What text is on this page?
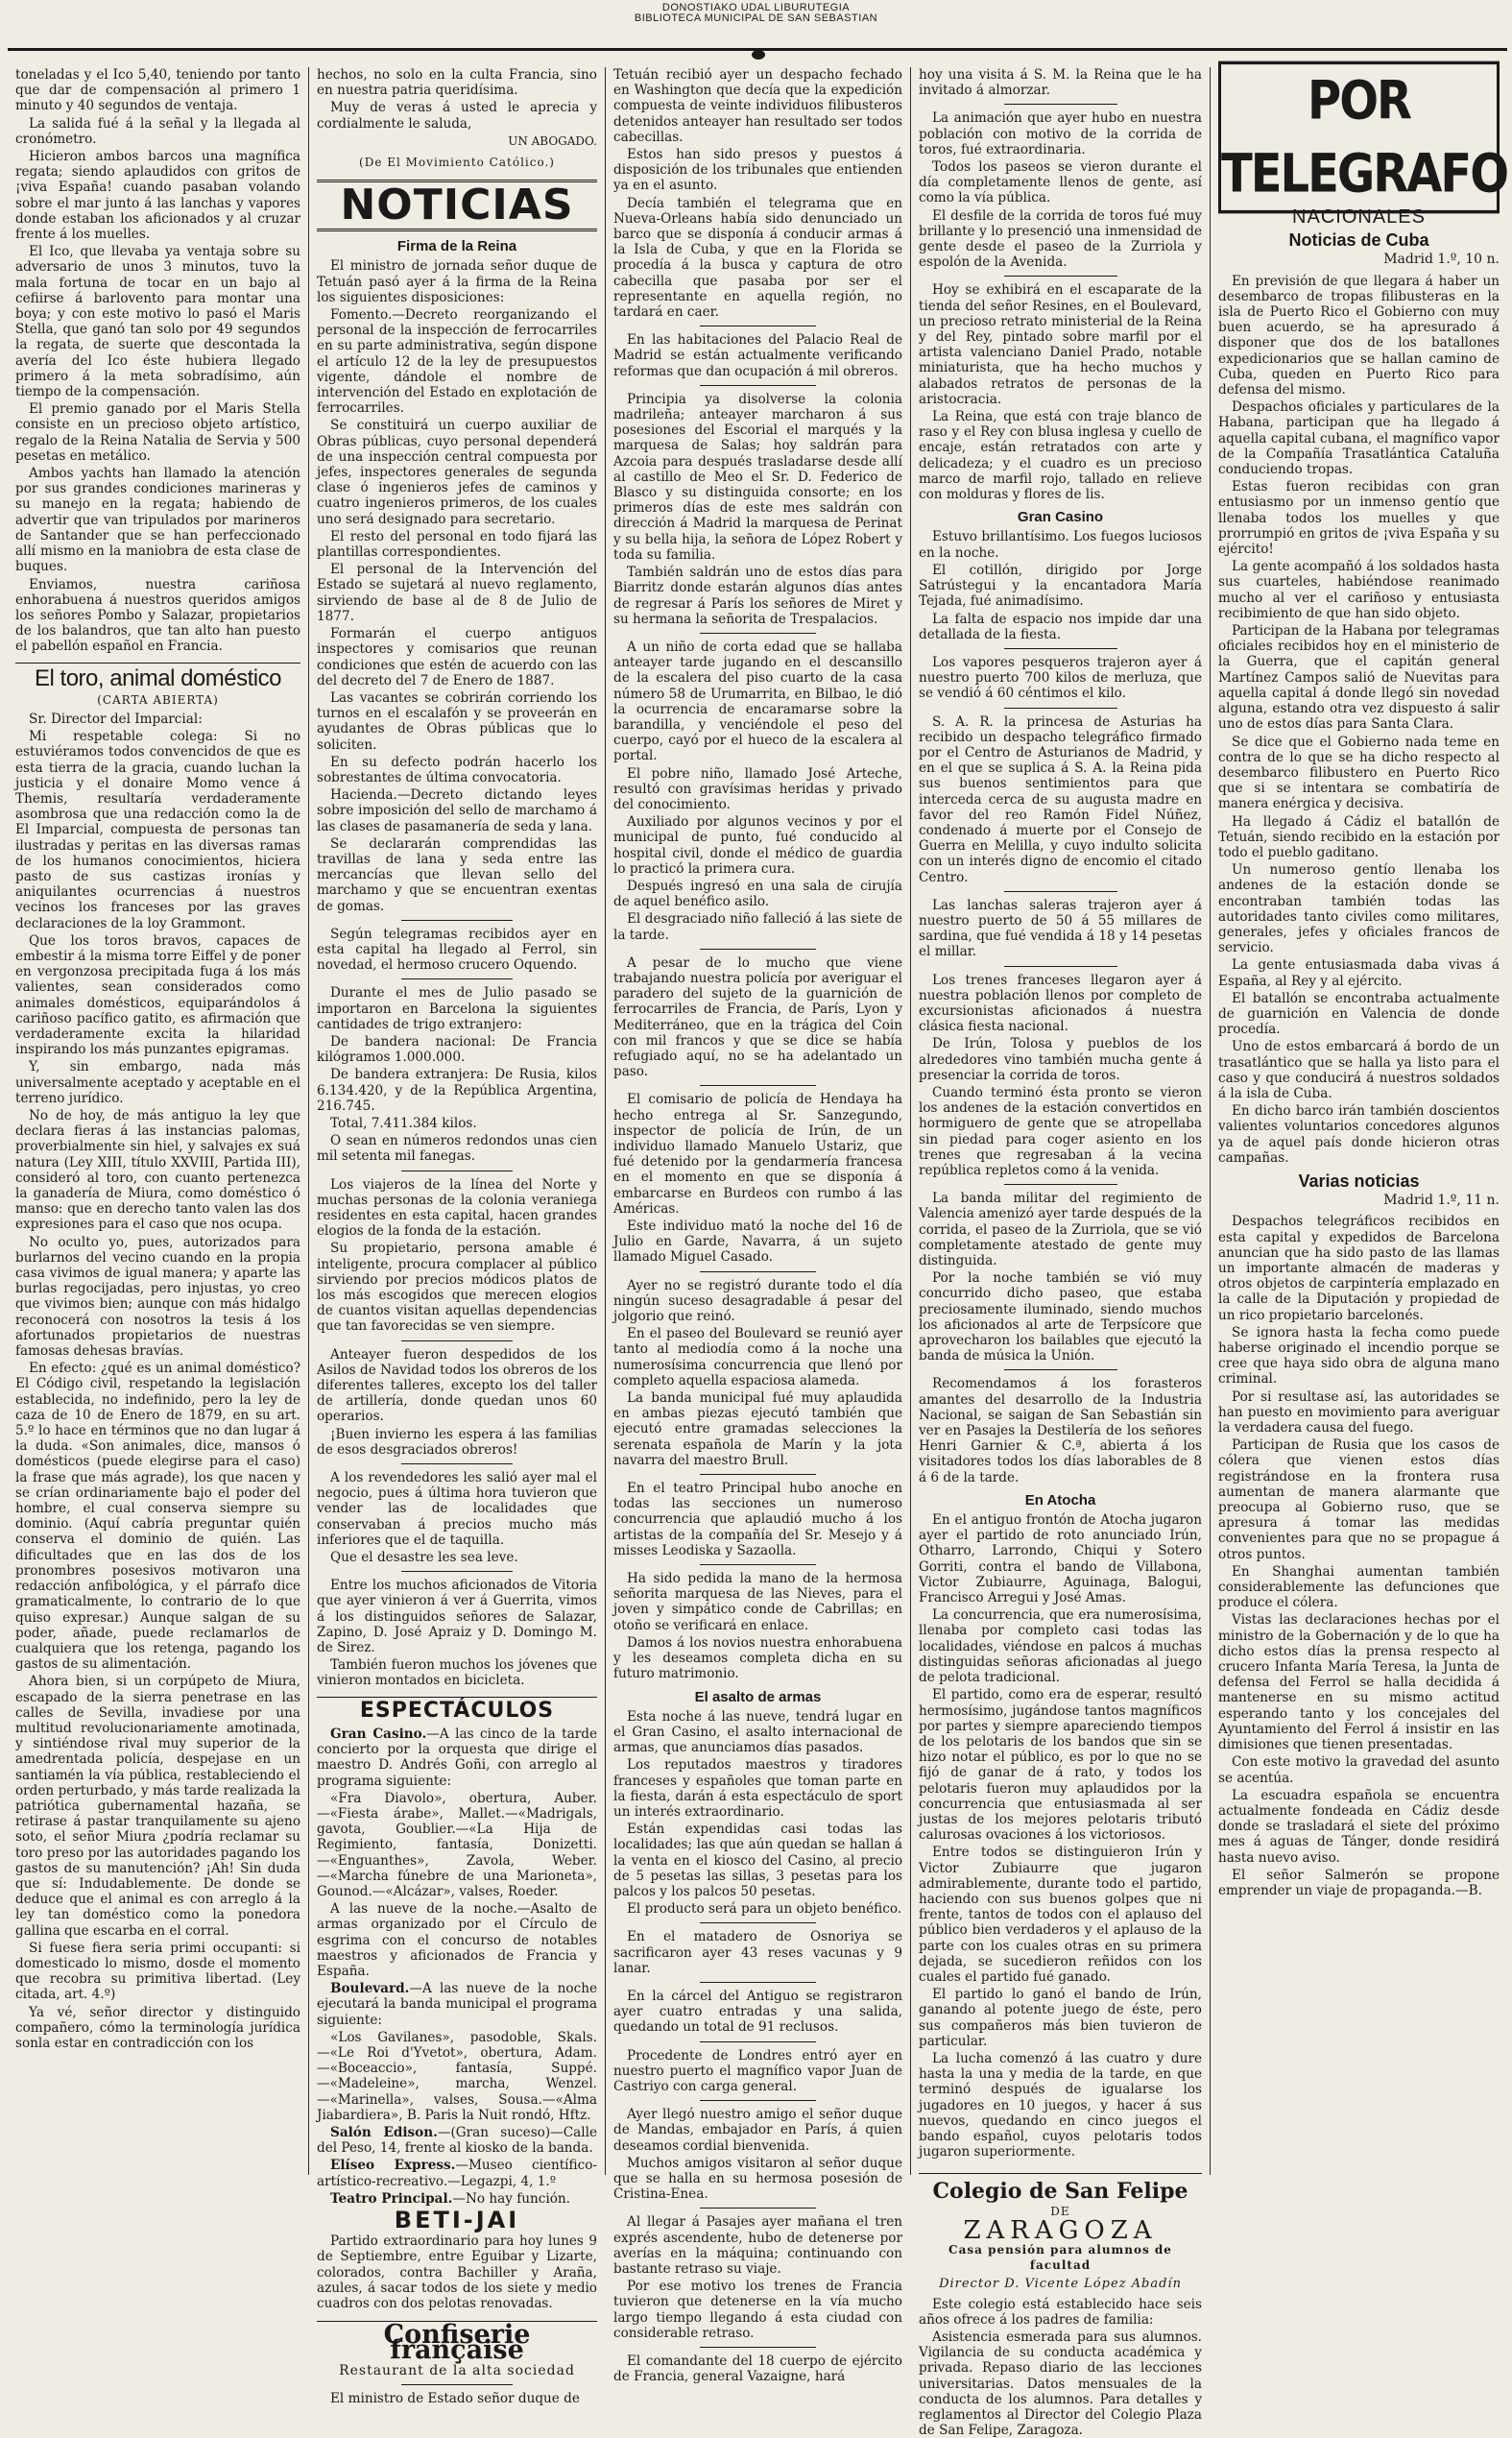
DONOSTIAKO UDAL LIBURUTEGIA
BIBLIOTECA MUNICIPAL DE SAN SEBASTIAN

toneladas y el Ico 5,40, teniendo por tanto que dar de compensación al primero 1 minuto y 40 segundos de ventaja.

La salida fué á la señal y la llegada al cronómetro.

Hicieron ambos barcos una magnífica regata; siendo aplaudidos con gritos de ¡viva España! cuando pasaban volando sobre el mar junto á las lanchas y vapores donde estaban los aficionados y al cruzar frente á los muelles.

El Ico, que llevaba ya ventaja sobre su adversario de unos 3 minutos, tuvo la mala fortuna de tocar en un bajo al cefiirse á barlovento para montar una boya; y con este motivo lo pasó el Maris Stella, que ganó tan solo por 49 segundos la regata, de suerte que descontada la avería del Ico éste hubiera llegado primero á la meta sobradísimo, aún tiempo de la compensación.

El premio ganado por el Maris Stella consiste en un precioso objeto artístico, regalo de la Reina Natalia de Servia y 500 pesetas en metálico.

Ambos yachts han llamado la atención por sus grandes condiciones marineras y su manejo en la regata; habiendo de advertir que van tripulados por marineros de Santander que se han perfeccionado allí mismo en la maniobra de esta clase de buques.

Enviamos, nuestra cariñosa enhorabuena á nuestros queridos amigos los señores Pombo y Salazar, propietarios de los balandros, que tan alto han puesto el pabellón español en Francia.

El toro, animal doméstico
(CARTA ABIERTA)

Sr. Director del Imparcial:

Mi respetable colega: Si no estuviéramos todos convencidos de que es esta tierra de la gracia, cuando luchan la justicia y el donaire Momo vence á Themis, resultaría verdaderamente asombrosa que una redacción como la de El Imparcial, compuesta de personas tan ilustradas y peritas en las diversas ramas de los humanos conocimientos, hiciera pasto de sus castizas ironías y aniquilantes ocurrencias á nuestros vecinos los franceses por las graves declaraciones de la loy Grammont.

Que los toros bravos, capaces de embestir á la misma torre Eiffel y de poner en vergonzosa precipitada fuga á los más valientes, sean considerados como animales domésticos, equiparándolos á cariñoso pacífico gatito, es afirmación que verdaderamente excita la hilaridad inspirando los más punzantes epigramas.

Y, sin embargo, nada más universalmente aceptado y aceptable en el terreno jurídico.

No de hoy, de más antiguo la ley que declara fieras á las instancias palomas, proverbialmente sin hiel, y salvajes ex suá natura (Ley XIII, título XXVIII, Partida III), consideró al toro, con cuanto pertenezca la ganadería de Miura, como doméstico ó manso: que en derecho tanto valen las dos expresiones para el caso que nos ocupa.

No oculto yo, pues, autorizados para burlarnos del vecino cuando en la propia casa vivimos de igual manera; y aparte las burlas regocijadas, pero injustas, yo creo que vivimos bien; aunque con más hidalgo reconocerá con nosotros la tesis á los afortunados propietarios de nuestras famosas dehesas bravías.

En efecto: ¿qué es un animal doméstico? El Código civil, respetando la legislación establecida, no indefinido, pero la ley de caza de 10 de Enero de 1879, en su art. 5.º lo hace en términos que no dan lugar á la duda. «Son animales, dice, mansos ó domésticos (puede elegirse para el caso) la frase que más agrade), los que nacen y se crían ordinariamente bajo el poder del hombre, el cual conserva siempre su dominio. (Aquí cabría preguntar quién conserva el dominio de quién. Las dificultades que en las dos de los pronombres posesivos motivaron una redacción anfibológica, y el párrafo dice gramaticalmente, lo contrario de lo que quiso expresar.) Aunque salgan de su poder, añade, puede reclamarlos de cualquiera que los retenga, pagando los gastos de su alimentación.

Ahora bien, si un corpúpeto de Miura, escapado de la sierra penetrase en las calles de Sevilla, invadiese por una multitud revolucionariamente amotinada, y sintiéndose rival muy superior de la amedrentada policía, despejase en un santiamén la vía pública, restableciendo el orden perturbado, y más tarde realizada la patriótica gubernamental hazaña, se retirase á pastar tranquilamente su ajeno soto, el señor Miura ¿podría reclamar su toro preso por las autoridades pagando los gastos de su manutención? ¡Ah! Sin duda que sí: Indudablemente. De donde se deduce que el animal es con arreglo á la ley tan doméstico como la ponedora gallina que escarba en el corral.

Si fuese fiera seria primi occupanti: si domesticado lo mismo, dosde el momento que recobra su primitiva libertad. (Ley citada, art. 4.º)

Ya vé, señor director y distinguido compañero, cómo la terminología jurídica sonla estar en contradicción con los

hechos, no solo en la culta Francia, sino en nuestra patria queridísima.

Muy de veras á usted le aprecia y cordialmente le saluda,

UN ABOGADO.
(De El Movimiento Católico.)
NOTICIAS
Firma de la Reina

El ministro de jornada señor duque de Tetuán pasó ayer á la firma de la Reina los siguientes disposiciones:

Fomento.—Decreto reorganizando el personal de la inspección de ferrocarriles en su parte administrativa, según dispone el artículo 12 de la ley de presupuestos vigente, dándole el nombre de intervención del Estado en explotación de ferrocarriles.

Se constituirá un cuerpo auxiliar de Obras públicas, cuyo personal dependerá de una inspección central compuesta por jefes, inspectores generales de segunda clase ó ingenieros jefes de caminos y cuatro ingenieros primeros, de los cuales uno será designado para secretario.

El resto del personal en todo fijará las plantillas correspondientes.

El personal de la Intervención del Estado se sujetará al nuevo reglamento, sirviendo de base al de 8 de Julio de 1877.

Formarán el cuerpo antiguos inspectores y comisarios que reunan condiciones que estén de acuerdo con las del decreto del 7 de Enero de 1887.

Las vacantes se cobrirán corriendo los turnos en el escalafón y se proveerán en ayudantes de Obras públicas que lo soliciten.

En su defecto podrán hacerlo los sobrestantes de última convocatoria.

Hacienda.—Decreto dictando leyes sobre imposición del sello de marchamo á las clases de pasamanería de seda y lana.

Se declararán comprendidas las travillas de lana y seda entre las mercancías que llevan sello del marchamo y que se encuentran exentas de gomas.

Según telegramas recibidos ayer en esta capital ha llegado al Ferrol, sin novedad, el hermoso crucero Oquendo.

Durante el mes de Julio pasado se importaron en Barcelona la siguientes cantidades de trigo extranjero:

De bandera nacional: De Francia kilógramos 1.000.000.

De bandera extranjera: De Rusia, kilos 6.134.420, y de la República Argentina, 216.745.

Total, 7.411.384 kilos.

O sean en números redondos unas cien mil setenta mil fanegas.

Los viajeros de la línea del Norte y muchas personas de la colonia veraniega residentes en esta capital, hacen grandes elogios de la fonda de la estación.

Su propietario, persona amable é inteligente, procura complacer al público sirviendo por precios módicos platos de los más escogidos que merecen elogios de cuantos visitan aquellas dependencias que tan favorecidas se ven siempre.

Anteayer fueron despedidos de los Asilos de Navidad todos los obreros de los diferentes talleres, excepto los del taller de artillería, donde quedan unos 60 operarios.

¡Buen invierno les espera á las familias de esos desgraciados obreros!

A los revendedores les salió ayer mal el negocio, pues á última hora tuvieron que vender las de localidades que conservaban á precios mucho más inferiores que el de taquilla.

Que el desastre les sea leve.

Entre los muchos aficionados de Vitoria que ayer vinieron á ver á Guerrita, vimos á los distinguidos señores de Salazar, Zapino, D. José Apraiz y D. Domingo M. de Sirez.

También fueron muchos los jóvenes que vinieron montados en bicicleta.

ESPECTÁCULOS

Gran Casino.—A las cinco de la tarde concierto por la orquesta que dirige el maestro D. Andrés Goñi, con arreglo al programa siguiente:

«Fra Diavolo», obertura, Auber.—«Fiesta árabe», Mallet.—«Madrigals, gavota, Goublier.—«La Hija de Regimiento, fantasía, Donizetti.—«Enguanthes», Zavola, Weber.—«Marcha fúnebre de una Marioneta», Gounod.—«Alcázar», valses, Roeder.

A las nueve de la noche.—Asalto de armas organizado por el Círculo de esgrima con el concurso de notables maestros y aficionados de Francia y España.

Boulevard.—A las nueve de la noche ejecutará la banda municipal el programa siguiente:

«Los Gavilanes», pasodoble, Skals.—«Le Roi d'Yvetot», obertura, Adam.—«Boceaccio», fantasía, Suppé.—«Madeleine», marcha, Wenzel.—«Marinella», valses, Sousa.—«Alma Jiabardiera», B. Paris la Nuit rondó, Hftz.

Salón Edison.—(Gran suceso)—Calle del Peso, 14, frente al kiosko de la banda.

Elíseo Express.—Museo científico-artístico-recreativo.—Legazpi, 4, 1.º

Teatro Principal.—No hay función.

BETI-JAI

Partido extraordinario para hoy lunes 9 de Septiembre, entre Eguibar y Lizarte, colorados, contra Bachiller y Araña, azules, á sacar todos de los siete y medio cuadros con dos pelotas renovadas.

Confiserie française
Restaurant de la alta sociedad

El ministro de Estado señor duque de

Tetuán recibió ayer un despacho fechado en Washington que decía que la expedición compuesta de veinte individuos filibusteros detenidos anteayer han resultado ser todos cabecillas.

Estos han sido presos y puestos á disposición de los tribunales que entienden ya en el asunto.

Decía también el telegrama que en Nueva-Orleans había sido denunciado un barco que se disponía á conducir armas á la Isla de Cuba, y que en la Florida se procedía á la busca y captura de otro cabecilla que pasaba por ser el representante en aquella región, no tardará en caer.

En las habitaciones del Palacio Real de Madrid se están actualmente verificando reformas que dan ocupación á mil obreros.

Principia ya disolverse la colonia madrileña; anteayer marcharon á sus posesiones del Escorial el marqués y la marquesa de Salas; hoy saldrán para Azcoia para después trasladarse desde allí al castillo de Meo el Sr. D. Federico de Blasco y su distinguida consorte; en los primeros días de este mes saldrán con dirección á Madrid la marquesa de Perinat y su bella hija, la señora de López Robert y toda su familia.

También saldrán uno de estos días para Biarritz donde estarán algunos días antes de regresar á París los señores de Miret y su hermana la señorita de Trespalacios.

A un niño de corta edad que se hallaba anteayer tarde jugando en el descansillo de la escalera del piso cuarto de la casa número 58 de Urumarrita, en Bilbao, le dió la ocurrencia de encaramarse sobre la barandilla, y venciéndole el peso del cuerpo, cayó por el hueco de la escalera al portal.

El pobre niño, llamado José Arteche, resultó con gravísimas heridas y privado del conocimiento.

Auxiliado por algunos vecinos y por el municipal de punto, fué conducido al hospital civil, donde el médico de guardia lo practicó la primera cura.

Después ingresó en una sala de cirujía de aquel benéfico asilo.

El desgraciado niño falleció á las siete de la tarde.

A pesar de lo mucho que viene trabajando nuestra policía por averiguar el paradero del sujeto de la guarnición de ferrocarriles de Francia, de París, Lyon y Mediterráneo, que en la trágica del Coin con mil francos y que se dice se había refugiado aquí, no se ha adelantado un paso.

El comisario de policía de Hendaya ha hecho entrega al Sr. Sanzegundo, inspector de policía de Irún, de un individuo llamado Manuelo Ustariz, que fué detenido por la gendarmería francesa en el momento en que se disponía á embarcarse en Burdeos con rumbo á las Américas.

Este individuo mató la noche del 16 de Julio en Garde, Navarra, á un sujeto llamado Miguel Casado.

Ayer no se registró durante todo el día ningún suceso desagradable á pesar del jolgorio que reinó.

En el paseo del Boulevard se reunió ayer tanto al mediodía como á la noche una numerosísima concurrencia que llenó por completo aquella espaciosa alameda.

La banda municipal fué muy aplaudida en ambas piezas ejecutó también que ejecutó entre gramadas selecciones la serenata española de Marín y la jota navarra del maestro Brull.

En el teatro Principal hubo anoche en todas las secciones un numeroso concurrencia que aplaudió mucho á los artistas de la compañía del Sr. Mesejo y á misses Leodiska y Sazaolla.

Ha sido pedida la mano de la hermosa señorita marquesa de las Nieves, para el joven y simpático conde de Cabrillas; en otoño se verificará en enlace.

Damos á los novios nuestra enhorabuena y les deseamos completa dicha en su futuro matrimonio.

El asalto de armas

Esta noche á las nueve, tendrá lugar en el Gran Casino, el asalto internacional de armas, que anunciamos días pasados.

Los reputados maestros y tiradores franceses y españoles que toman parte en la fiesta, darán á esta espectáculo de sport un interés extraordinario.

Están expendidas casi todas las localidades; las que aún quedan se hallan á la venta en el kiosco del Casino, al precio de 5 pesetas las sillas, 3 pesetas para los palcos y los palcos 50 pesetas.

El producto será para un objeto benéfico.

En el matadero de Osnoriya se sacrificaron ayer 43 reses vacunas y 9 lanar.

En la cárcel del Antiguo se registraron ayer cuatro entradas y una salida, quedando un total de 91 reclusos.

Procedente de Londres entró ayer en nuestro puerto el magnífico vapor Juan de Castriyo con carga general.

Ayer llegó nuestro amigo el señor duque de Mandas, embajador en París, á quien deseamos cordial bienvenida.

Muchos amigos visitaron al señor duque que se halla en su hermosa posesión de Cristina-Enea.

Al llegar á Pasajes ayer mañana el tren exprés ascendente, hubo de detenerse por averías en la máquina; continuando con bastante retraso su viaje.

Por ese motivo los trenes de Francia tuvieron que detenerse en la vía mucho largo tiempo llegando á esta ciudad con considerable retraso.

El comandante del 18 cuerpo de ejército de Francia, general Vazaigne, hará

hoy una visita á S. M. la Reina que le ha invitado á almorzar.

La animación que ayer hubo en nuestra población con motivo de la corrida de toros, fué extraordinaria.

Todos los paseos se vieron durante el día completamente llenos de gente, así como la vía pública.

El desfile de la corrida de toros fué muy brillante y lo presenció una inmensidad de gente desde el paseo de la Zurriola y espolón de la Avenida.

Hoy se exhibirá en el escaparate de la tienda del señor Resines, en el Boulevard, un precioso retrato ministerial de la Reina y del Rey, pintado sobre marfil por el artista valenciano Daniel Prado, notable miniaturista, que ha hecho muchos y alabados retratos de personas de la aristocracia.

La Reina, que está con traje blanco de raso y el Rey con blusa inglesa y cuello de encaje, están retratados con arte y delicadeza; y el cuadro es un precioso marco de marfil rojo, tallado en relieve con molduras y flores de lis.

Gran Casino

Estuvo brillantísimo. Los fuegos luciosos en la noche.

El cotillón, dirigido por Jorge Satrústegui y la encantadora María Tejada, fué animadísimo.

La falta de espacio nos impide dar una detallada de la fiesta.

Los vapores pesqueros trajeron ayer á nuestro puerto 700 kilos de merluza, que se vendió á 60 céntimos el kilo.

S. A. R. la princesa de Asturias ha recibido un despacho telegráfico firmado por el Centro de Asturianos de Madrid, y en el que se suplica á S. A. la Reina pida sus buenos sentimientos para que interceda cerca de su augusta madre en favor del reo Ramón Fidel Núñez, condenado á muerte por el Consejo de Guerra en Melilla, y cuyo indulto solicita con un interés digno de encomio el citado Centro.

Las lanchas saleras trajeron ayer á nuestro puerto de 50 á 55 millares de sardina, que fué vendida á 18 y 14 pesetas el millar.

Los trenes franceses llegaron ayer á nuestra población llenos por completo de excursionistas aficionados á nuestra clásica fiesta nacional.

De Irún, Tolosa y pueblos de los alrededores vino también mucha gente á presenciar la corrida de toros.

Cuando terminó ésta pronto se vieron los andenes de la estación convertidos en hormiguero de gente que se atropellaba sin piedad para coger asiento en los trenes que regresaban á la vecina república repletos como á la venida.

La banda militar del regimiento de Valencia amenizó ayer tarde después de la corrida, el paseo de la Zurriola, que se vió completamente atestado de gente muy distinguida.

Por la noche también se vió muy concurrido dicho paseo, que estaba preciosamente iluminado, siendo muchos los aficionados al arte de Terpsícore que aprovecharon los bailables que ejecutó la banda de música la Unión.

Recomendamos á los forasteros amantes del desarrollo de la Industria Nacional, se saigan de San Sebastián sin ver en Pasajes la Destilería de los señores Henri Garnier & C.ª, abierta á los visitadores todos los días laborables de 8 á 6 de la tarde.

En Atocha

En el antiguo frontón de Atocha jugaron ayer el partido de roto anunciado Irún, Otharro, Larrondo, Chiqui y Sotero Gorriti, contra el bando de Villabona, Victor Zubiaurre, Aguinaga, Balogui, Francisco Arregui y José Amas.

La concurrencia, que era numerosísima, llenaba por completo casi todas las localidades, viéndose en palcos á muchas distinguidas señoras aficionadas al juego de pelota tradicional.

El partido, como era de esperar, resultó hermosísimo, jugándose tantos magníficos por partes y siempre apareciendo tiempos de los pelotaris de los bandos que sin se hizo notar el público, es por lo que no se fijó de ganar de á rato, y todos los pelotaris fueron muy aplaudidos por la concurrencia que entusiasmada al ser justas de los mejores pelotaris tributó calurosas ovaciones á los victoriosos.

Entre todos se distinguieron Irún y Victor Zubiaurre que jugaron admirablemente, durante todo el partido, haciendo con sus buenos golpes que ni frente, tantos de todos con el aplauso del público bien verdaderos y el aplauso de la parte con los cuales otras en su primera dejada, se sucedieron reñidos con los cuales el partido fué ganado.

El partido lo ganó el bando de Irún, ganando al potente juego de éste, pero sus compañeros más bien tuvieron de particular.

La lucha comenzó á las cuatro y dure hasta la una y media de la tarde, en que terminó después de igualarse los jugadores en 10 juegos, y hacer á sus nuevos, quedando en cinco juegos el bando español, cuyos pelotaris todos jugaron superiormente.

Colegio de San Felipe
DE
ZARAGOZA
Casa pensión para alumnos de facultad
Director D. Vicente López Abadín

Este colegio está establecido hace seis años ofrece á los padres de familia:

Asistencia esmerada para sus alumnos. Vigilancia de su conducta académica y privada. Repaso diario de las lecciones universitarias. Datos mensuales de la conducta de los alumnos. Para detalles y reglamentos al Director del Colegio Plaza de San Felipe, Zaragoza.

POR TELEGRAFO
NACIONALES
Noticias de Cuba
Madrid 1.º, 10 n.

En previsión de que llegara á haber un desembarco de tropas filibusteras en la isla de Puerto Rico el Gobierno con muy buen acuerdo, se ha apresurado á disponer que dos de los batallones expedicionarios que se hallan camino de Cuba, queden en Puerto Rico para defensa del mismo.

Despachos oficiales y particulares de la Habana, participan que ha llegado á aquella capital cubana, el magnífico vapor de la Compañía Trasatlántica Cataluña conduciendo tropas.

Estas fueron recibidas con gran entusiasmo por un inmenso gentío que llenaba todos los muelles y que prorrumpió en gritos de ¡viva España y su ejército!

La gente acompañó á los soldados hasta sus cuarteles, habiéndose reanimado mucho al ver el cariñoso y entusiasta recibimiento de que han sido objeto.

Participan de la Habana por telegramas oficiales recibidos hoy en el ministerio de la Guerra, que el capitán general Martínez Campos salió de Nuevitas para aquella capital á donde llegó sin novedad alguna, estando otra vez dispuesto á salir uno de estos días para Santa Clara.

Se dice que el Gobierno nada teme en contra de lo que se ha dicho respecto al desembarco filibustero en Puerto Rico que si se intentara se combatiría de manera enérgica y decisiva.

Ha llegado á Cádiz el batallón de Tetuán, siendo recibido en la estación por todo el pueblo gaditano.

Un numeroso gentío llenaba los andenes de la estación donde se encontraban también todas las autoridades tanto civiles como militares, generales, jefes y oficiales francos de servicio.

La gente entusiasmada daba vivas á España, al Rey y al ejército.

El batallón se encontraba actualmente de guarnición en Valencia de donde procedía.

Uno de estos embarcará á bordo de un trasatlántico que se halla ya listo para el caso y que conducirá á nuestros soldados á la isla de Cuba.

En dicho barco irán también doscientos valientes voluntarios concedores algunos ya de aquel país donde hicieron otras campañas.

Varias noticias
Madrid 1.º, 11 n.

Despachos telegráficos recibidos en esta capital y expedidos de Barcelona anuncian que ha sido pasto de las llamas un importante almacén de maderas y otros objetos de carpintería emplazado en la calle de la Diputación y propiedad de un rico propietario barcelonés.

Se ignora hasta la fecha como puede haberse originado el incendio porque se cree que haya sido obra de alguna mano criminal.

Por si resultase así, las autoridades se han puesto en movimiento para averiguar la verdadera causa del fuego.

Participan de Rusia que los casos de cólera que vienen estos días registrándose en la frontera rusa aumentan de manera alarmante que preocupa al Gobierno ruso, que se apresura á tomar las medidas convenientes para que no se propague á otros puntos.

En Shanghai aumentan también considerablemente las defunciones que produce el cólera.

Vistas las declaraciones hechas por el ministro de la Gobernación y de lo que ha dicho estos días la prensa respecto al crucero Infanta María Teresa, la Junta de defensa del Ferrol se halla decidida á mantenerse en su mismo actitud esperando tanto y los concejales del Ayuntamiento del Ferrol á insistir en las dimisiones que tienen presentadas.

Con este motivo la gravedad del asunto se acentúa.

La escuadra española se encuentra actualmente fondeada en Cádiz desde donde se trasladará el siete del próximo mes á aguas de Tánger, donde residirá hasta nuevo aviso.

El señor Salmerón se propone emprender un viaje de propaganda.—B.
